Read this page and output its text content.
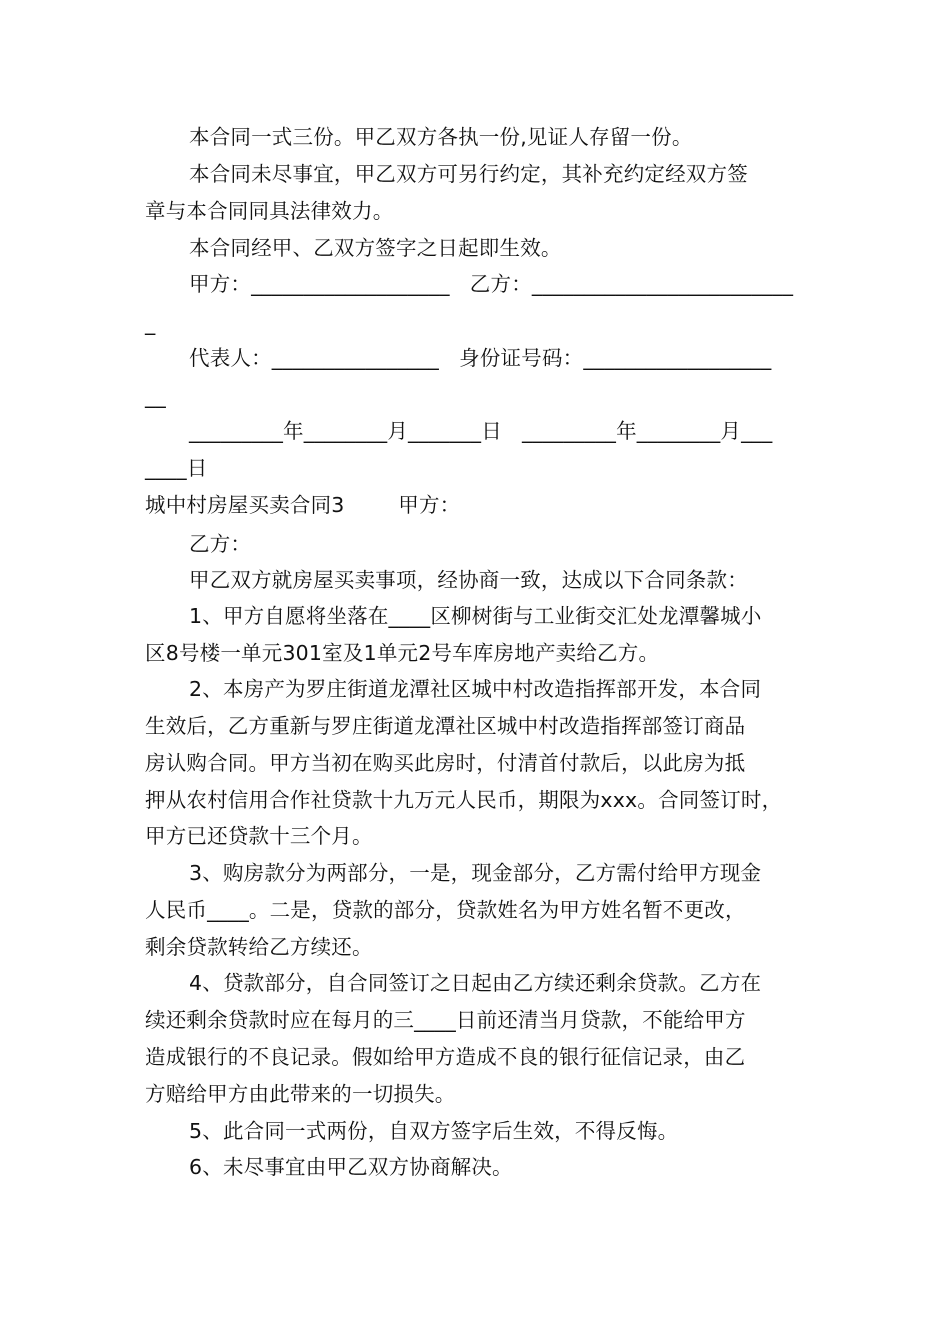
本合同一式三份。甲乙双方各执一份,见证人存留一份。
本合同未尽事宜，甲乙双方可另行约定，其补充约定经双方签
章与本合同同具法律效力。
本合同经甲、乙双方签字之日起即生效。
甲方：___________________   乙方：_________________________
_
代表人：________________   身份证号码：__________________
__
_________年________月_______日   _________年________月___
____日
城中村房屋买卖合同3        甲方：
乙方：
甲乙双方就房屋买卖事项，经协商一致，达成以下合同条款：
1、甲方自愿将坐落在____区柳树街与工业街交汇处龙潭馨城小
区8号楼一单元301室及1单元2号车库房地产卖给乙方。
2、本房产为罗庄街道龙潭社区城中村改造指挥部开发，本合同
生效后，乙方重新与罗庄街道龙潭社区城中村改造指挥部签订商品
房认购合同。甲方当初在购买此房时，付清首付款后，以此房为抵
押从农村信用合作社贷款十九万元人民币，期限为xxx。合同签订时，
甲方已还贷款十三个月。
3、购房款分为两部分，一是，现金部分，乙方需付给甲方现金
人民币____。二是，贷款的部分，贷款姓名为甲方姓名暂不更改，
剩余贷款转给乙方续还。
4、贷款部分，自合同签订之日起由乙方续还剩余贷款。乙方在
续还剩余贷款时应在每月的三____日前还清当月贷款，不能给甲方
造成银行的不良记录。假如给甲方造成不良的银行征信记录，由乙
方赔给甲方由此带来的一切损失。
5、此合同一式两份，自双方签字后生效，不得反悔。
6、未尽事宜由甲乙双方协商解决。
